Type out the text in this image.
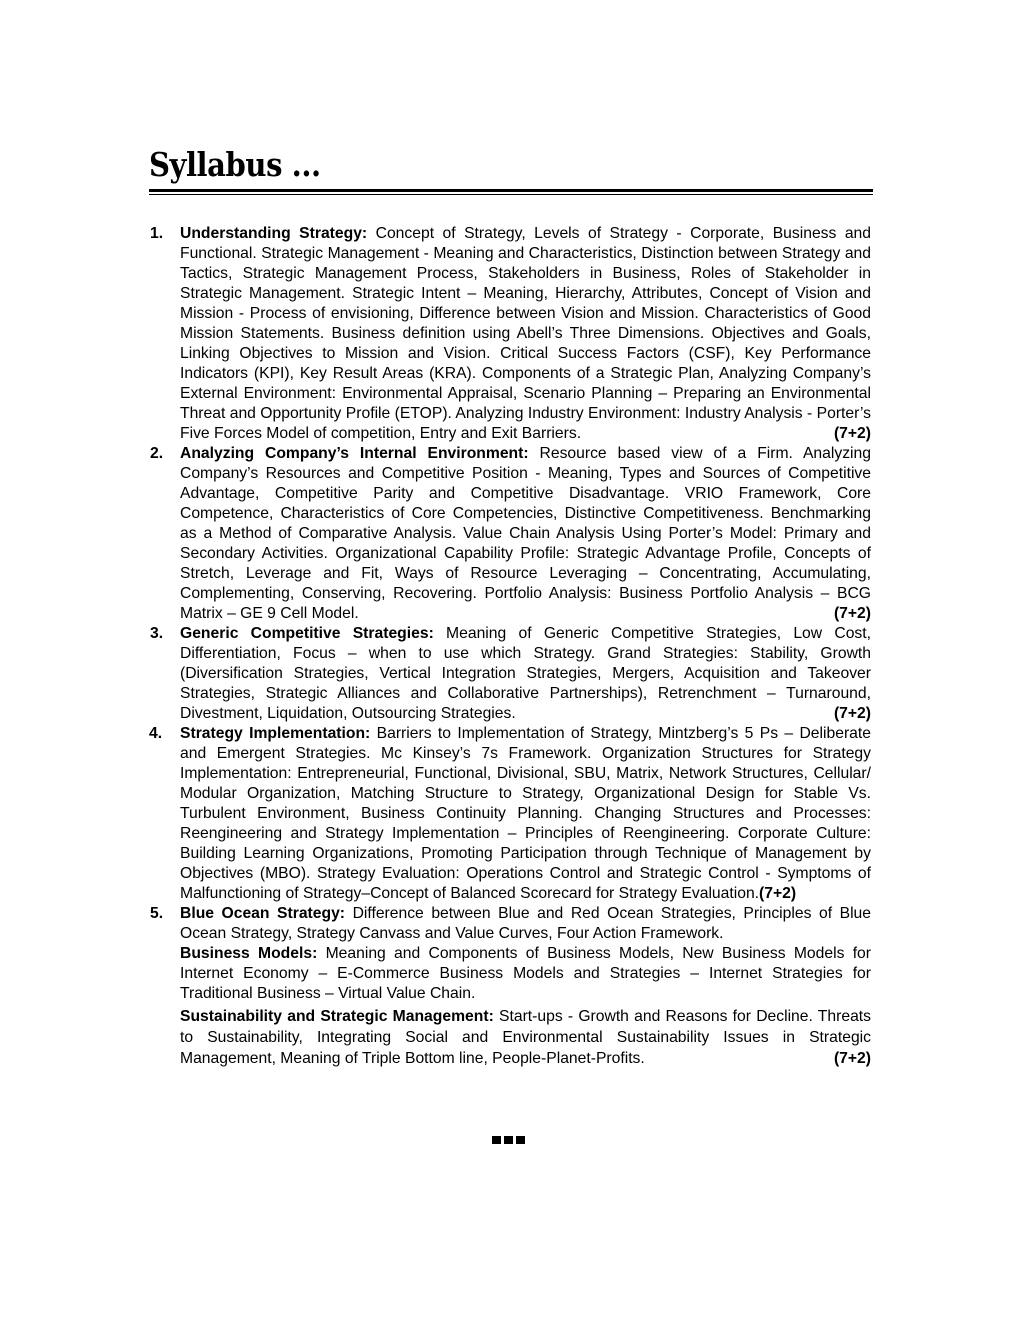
Syllabus ...
1. Understanding Strategy: Concept of Strategy, Levels of Strategy - Corporate, Business and Functional. Strategic Management - Meaning and Characteristics, Distinction between Strategy and Tactics, Strategic Management Process, Stakeholders in Business, Roles of Stakeholder in Strategic Management. Strategic Intent – Meaning, Hierarchy, Attributes, Concept of Vision and Mission - Process of envisioning, Difference between Vision and Mission. Characteristics of Good Mission Statements. Business definition using Abell’s Three Dimensions. Objectives and Goals, Linking Objectives to Mission and Vision. Critical Success Factors (CSF), Key Performance Indicators (KPI), Key Result Areas (KRA). Components of a Strategic Plan, Analyzing Company’s External Environment: Environmental Appraisal, Scenario Planning – Preparing an Environmental Threat and Opportunity Profile (ETOP). Analyzing Industry Environment: Industry Analysis - Porter’s Five Forces Model of competition, Entry and Exit Barriers.	(7+2)

2. Analyzing Company’s Internal Environment: Resource based view of a Firm. Analyzing Company’s Resources and Competitive Position - Meaning, Types and Sources of Competitive Advantage, Competitive Parity and Competitive Disadvantage. VRIO Framework, Core Competence, Characteristics of Core Competencies, Distinctive Competitiveness. Benchmarking as a Method of Comparative Analysis. Value Chain Analysis Using Porter’s Model: Primary and Secondary Activities. Organizational Capability Profile: Strategic Advantage Profile, Concepts of Stretch, Leverage and Fit, Ways of Resource Leveraging – Concentrating, Accumulating, Complementing, Conserving, Recovering. Portfolio Analysis: Business Portfolio Analysis – BCG Matrix – GE 9 Cell Model.	(7+2)

3. Generic Competitive Strategies: Meaning of Generic Competitive Strategies, Low Cost, Differentiation, Focus – when to use which Strategy. Grand Strategies: Stability, Growth (Diversification Strategies, Vertical Integration Strategies, Mergers, Acquisition and Takeover Strategies, Strategic Alliances and Collaborative Partnerships), Retrenchment – Turnaround, Divestment, Liquidation, Outsourcing Strategies.	(7+2)

4. Strategy Implementation: Barriers to Implementation of Strategy, Mintzberg’s 5 Ps – Deliberate and Emergent Strategies. Mc Kinsey’s 7s Framework. Organization Structures for Strategy Implementation: Entrepreneurial, Functional, Divisional, SBU, Matrix, Network Structures, Cellular/ Modular Organization, Matching Structure to Strategy, Organizational Design for Stable Vs. Turbulent Environment, Business Continuity Planning. Changing Structures and Processes: Reengineering and Strategy Implementation – Principles of Reengineering. Corporate Culture: Building Learning Organizations, Promoting Participation through Technique of Management by Objectives (MBO). Strategy Evaluation: Operations Control and Strategic Control - Symptoms of Malfunctioning of Strategy–Concept of Balanced Scorecard for Strategy Evaluation.(7+2)

5. Blue Ocean Strategy: Difference between Blue and Red Ocean Strategies, Principles of Blue Ocean Strategy, Strategy Canvass and Value Curves, Four Action Framework.

Business Models: Meaning and Components of Business Models, New Business Models for Internet Economy – E-Commerce Business Models and Strategies – Internet Strategies for Traditional Business – Virtual Value Chain.

Sustainability and Strategic Management: Start-ups - Growth and Reasons for Decline. Threats to Sustainability, Integrating Social and Environmental Sustainability Issues in Strategic Management, Meaning of Triple Bottom line, People-Planet-Profits.	(7+2)
